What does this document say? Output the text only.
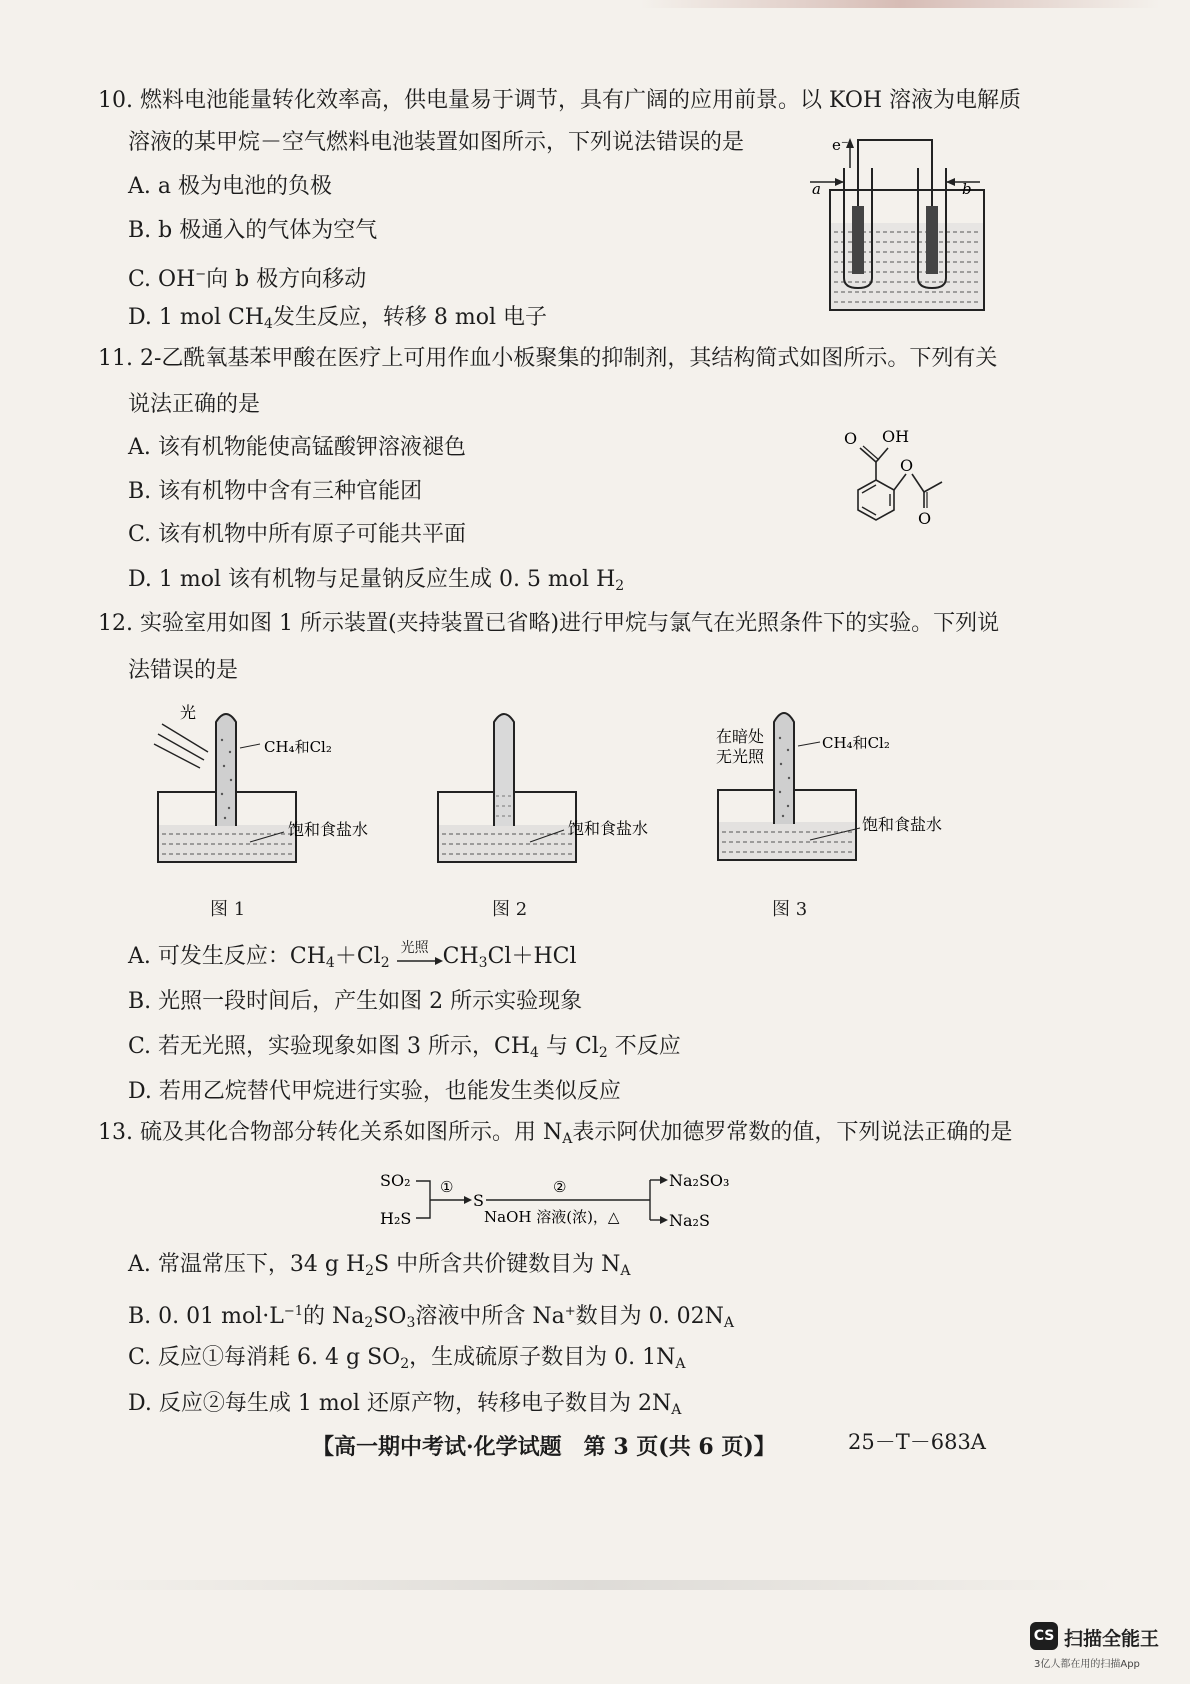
10. 燃料电池能量转化效率高，供电量易于调节，具有广阔的应用前景。以 KOH 溶液为电解质
溶液的某甲烷－空气燃料电池装置如图所示，下列说法错误的是
A. a 极为电池的负极
B. b 极通入的气体为空气
C. OH−向 b 极方向移动
D. 1 mol $CH_4$发生反应，转移 8 mol 电子
e⁻
a	b
11. 2-乙酰氧基苯甲酸在医疗上可用作血小板聚集的抑制剂，其结构简式如图所示。下列有关
说法正确的是
A. 该有机物能使高锰酸钾溶液褪色
B. 该有机物中含有三种官能团
C. 该有机物中所有原子可能共平面
D. 1 mol 该有机物与足量钠反应生成 0. 5 mol $H_2$
O OH
O
O
12. 实验室用如图 1 所示装置(夹持装置已省略)进行甲烷与氯气在光照条件下的实验。下列说
法错误的是
光
CH₄和Cl₂
饱和食盐水
图 1
饱和食盐水
图 2
在暗处
无光照
CH₄和Cl₂
饱和食盐水
图 3
A. 可发生反应：$CH_4+Cl_2$
光照 $CH_3Cl+HCl$
B. 光照一段时间后，产生如图 2 所示实验现象
C. 若无光照，实验现象如图 3 所示，$CH_4$ 与 $Cl_2$ 不反应
D. 若用乙烷替代甲烷进行实验，也能发生类似反应
13. 硫及其化合物部分转化关系如图所示。用 $N_A$表示阿伏加德罗常数的值，下列说法正确的是
SO₂
H₂S
①
S
②
NaOH 溶液(浓)，△
Na₂SO₃
Na₂S
A. 常温常压下，34 g $H_2S$ 中所含共价键数目为 $N_A$
B. 0. 01 $mol\cdot L^{-1}$的 $Na_2SO_3$溶液中所含 Na+数目为 0. $02N_A$
C. 反应①每消耗 6. 4 g $SO_2$，生成硫原子数目为 0. $1N_A$
D. 反应②每生成 1 mol 还原产物，转移电子数目为 $2N_A$
【高一期中考试·化学试题　第 3 页(共 6 页)】	25－T－683A
CS 扫描全能王
3亿人都在用的扫描App
